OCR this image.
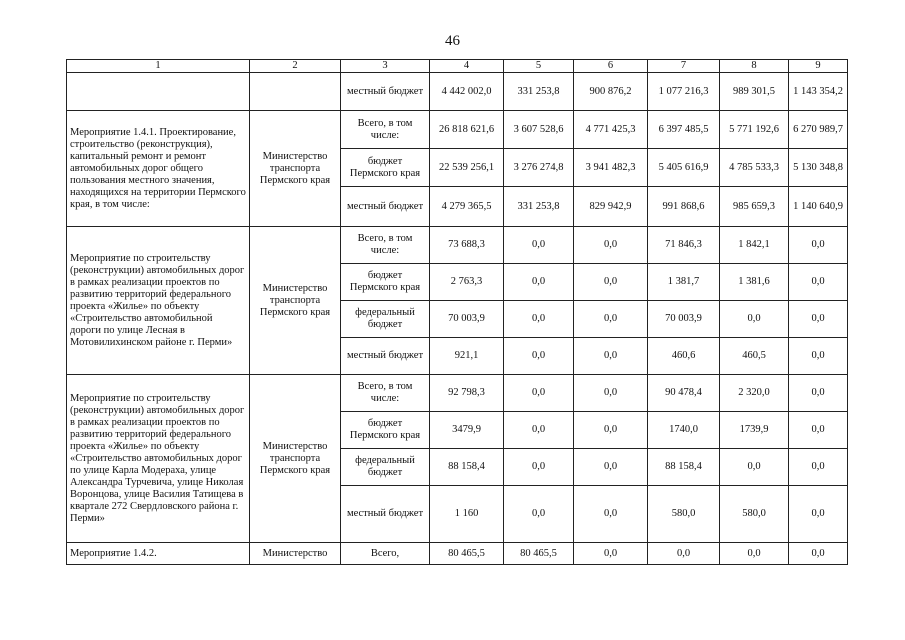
46
1	2	3	4	5	6	7	8	9
		местный бюджет	4 442 002,0	331 253,8	900 876,2	1 077 216,3	989 301,5	1 143 354,2
Мероприятие 1.4.1. Проектирование, строительство (реконструкция), капитальный ремонт и ремонт автомобильных дорог общего пользования местного значения, находящихся на территории Пермского края, в том числе:	Министерство транспорта Пермского края	Всего, в том числе:	26 818 621,6	3 607 528,6	4 771 425,3	6 397 485,5	5 771 192,6	6 270 989,7
		бюджет Пермского края	22 539 256,1	3 276 274,8	3 941 482,3	5 405 616,9	4 785 533,3	5 130 348,8
		местный бюджет	4 279 365,5	331 253,8	829 942,9	991 868,6	985 659,3	1 140 640,9
Мероприятие по строительству (реконструкции) автомобильных дорог в рамках реализации проектов по развитию территорий федерального проекта «Жилье» по объекту «Строительство автомобильной дороги по улице Лесная в Мотовилихинском районе г. Перми»	Министерство транспорта Пермского края	Всего, в том числе:	73 688,3	0,0	0,0	71 846,3	1 842,1	0,0
		бюджет Пермского края	2 763,3	0,0	0,0	1 381,7	1 381,6	0,0
		федеральный бюджет	70 003,9	0,0	0,0	70 003,9	0,0	0,0
		местный бюджет	921,1	0,0	0,0	460,6	460,5	0,0
Мероприятие по строительству (реконструкции) автомобильных дорог в рамках реализации проектов по развитию территорий федерального проекта «Жилье» по объекту «Строительство автомобильных дорог по улице Карла Модераха, улице Александра Турчевича, улице Николая Воронцова, улице Василия Татищева в квартале 272 Свердловского района г. Перми»	Министерство транспорта Пермского края	Всего, в том числе:	92 798,3	0,0	0,0	90 478,4	2 320,0	0,0
		бюджет Пермского края	3479,9	0,0	0,0	1740,0	1739,9	0,0
		федеральный бюджет	88 158,4	0,0	0,0	88 158,4	0,0	0,0
		местный бюджет	1 160	0,0	0,0	580,0	580,0	0,0
Мероприятие 1.4.2.	Министерство	Всего,	80 465,5	80 465,5	0,0	0,0	0,0	0,0
